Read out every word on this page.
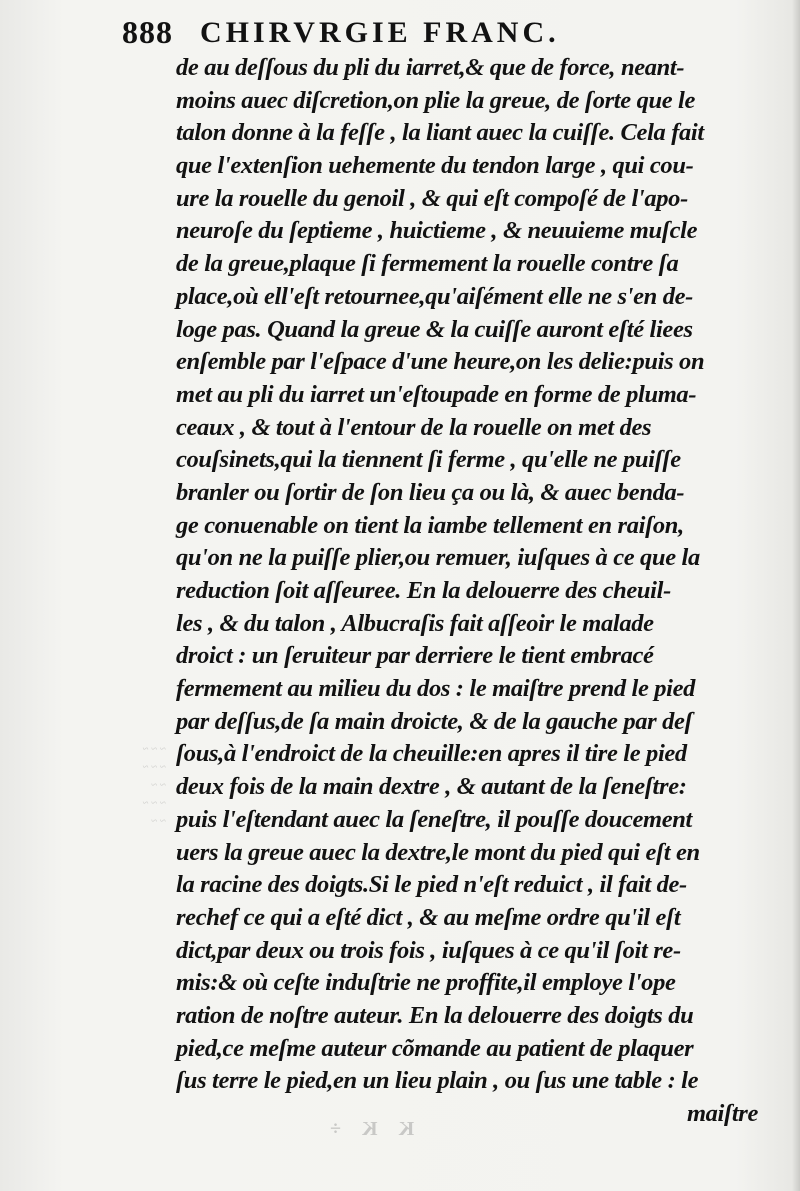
888 CHIRVRGIE FRANC.
~ ~ ~
~ ~ ~
~ ~
~ ~ ~
~ ~
K K ÷
de au deſſous du pli du iarret,& que de force, neant-
moins auec diſcretion,on plie la greue, de ſorte que le
talon donne à la feſſe , la liant auec la cuiſſe. Cela fait
que l'extenſion uehemente du tendon large , qui cou-
ure la rouelle du genoil , & qui eſt compoſé de l'apo-
neuroſe du ſeptieme , huictieme , & neuuieme muſcle
de la greue,plaque ſi fermement la rouelle contre ſa
place,où ell'eſt retournee,qu'aiſément elle ne s'en de-
loge pas. Quand la greue & la cuiſſe auront eſté liees
enſemble par l'eſpace d'une heure,on les delie:puis on
met au pli du iarret un'eſtoupade en forme de pluma-
ceaux , & tout à l'entour de la rouelle on met des
couſsinets,qui la tiennent ſi ferme , qu'elle ne puiſſe
branler ou ſortir de ſon lieu ça ou là, & auec benda-
ge conuenable on tient la iambe tellement en raiſon,
qu'on ne la puiſſe plier,ou remuer, iuſques à ce que la
reduction ſoit aſſeuree. En la delouerre des cheuil-
les , & du talon , Albucraſis fait aſſeoir le malade
droict : un ſeruiteur par derriere le tient embracé
fermement au milieu du dos : le maiſtre prend le pied
par deſſus,de ſa main droicte, & de la gauche par deſ
ſous,à l'endroict de la cheuille:en apres il tire le pied
deux fois de la main dextre , & autant de la ſeneſtre:
puis l'eſtendant auec la ſeneſtre, il pouſſe doucement
uers la greue auec la dextre,le mont du pied qui eſt en
la racine des doigts.Si le pied n'eſt reduict , il fait de-
rechef ce qui a eſté dict , & au meſme ordre qu'il eſt
dict,par deux ou trois fois , iuſques à ce qu'il ſoit re-
mis:& où ceſte induſtrie ne proffite,il employe l'ope
ration de noſtre auteur. En la delouerre des doigts du
pied,ce meſme auteur cõmande au patient de plaquer
ſus terre le pied,en un lieu plain , ou ſus une table : le
maiſtre
